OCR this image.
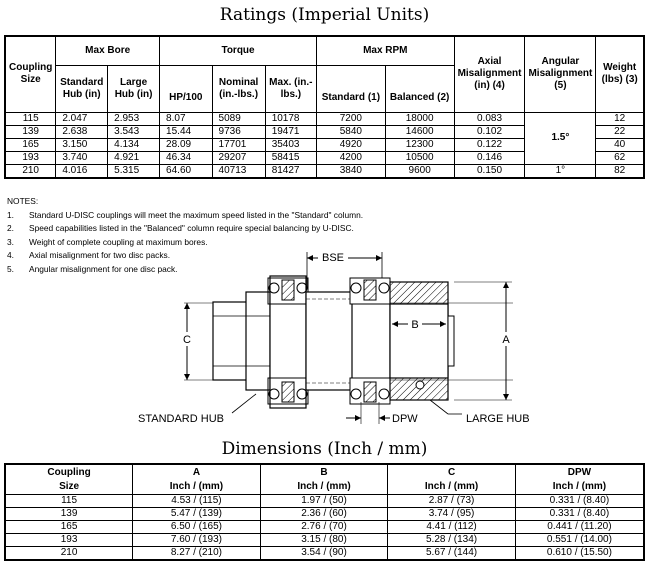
Ratings (Imperial Units)
Coupling Size	Max Bore		Torque			Max RPM		Axial Misalignment (in) (4)	Angular Misalignment (5)	Weight (lbs) (3)
	Standard Hub (in)	Large Hub (in)	HP/100	Nominal (in.-lbs.)	Max. (in.-lbs.)	Standard (1)	Balanced (2)			
115	2.047	2.953	8.07	5089	10178	7200	18000	0.083	1.5°	12
139	2.638	3.543	15.44	9736	19471	5840	14600	0.102		22
165	3.150	4.134	28.09	17701	35403	4920	12300	0.122		40
193	3.740	4.921	46.34	29207	58415	4200	10500	0.146		62
210	4.016	5.315	64.60	40713	81427	3840	9600	0.150	1°	82
NOTES:
1. Standard U-DISC couplings will meet the maximum speed listed in the "Standard" column.
2. Speed capabilities listed in the "Balanced" column require special balancing by U-DISC.
3. Weight of complete coupling at maximum bores.
4. Axial misalignment for two disc packs.
5. Angular misalignment for one disc pack.
BSE
B
C	A
DPW
STANDARD HUB	LARGE HUB
Dimensions (Inch / mm)
Coupling	A	B	C	DPW
Size	Inch / (mm)	Inch / (mm)	Inch / (mm)	Inch / (mm)
115	4.53 / (115)	1.97 / (50)	2.87 / (73)	0.331 / (8.40)
139	5.47 / (139)	2.36 / (60)	3.74 / (95)	0.331 / (8.40)
165	6.50 / (165)	2.76 / (70)	4.41 / (112)	0.441 / (11.20)
193	7.60 / (193)	3.15 / (80)	5.28 / (134)	0.551 / (14.00)
210	8.27 / (210)	3.54 / (90)	5.67 / (144)	0.610 / (15.50)
